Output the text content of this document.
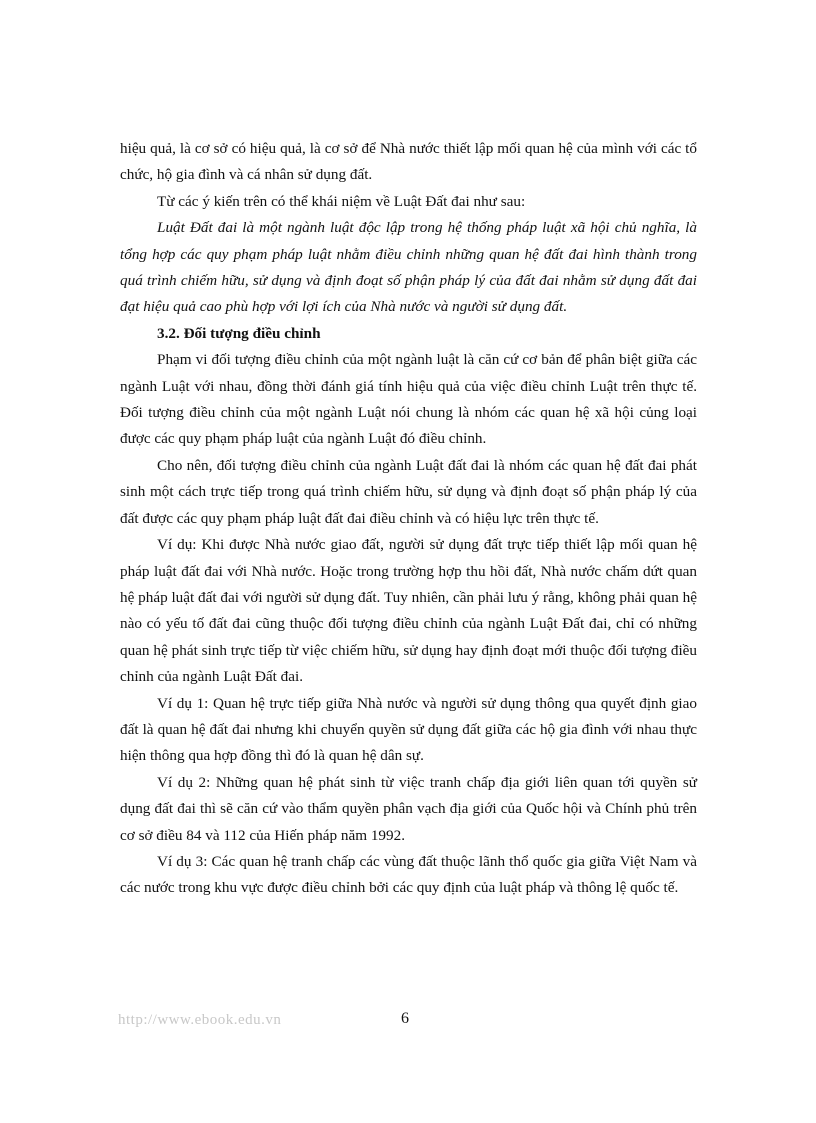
hiệu quả, là cơ sở có hiệu quả, là cơ sở để Nhà nước thiết lập mối quan hệ của mình với các tổ chức, hộ gia đình và cá nhân sử dụng đất.

Từ các ý kiến trên có thể khái niệm về Luật Đất đai như sau:

Luật Đất đai là một ngành luật độc lập trong hệ thống pháp luật xã hội chủ nghĩa, là tổng hợp các quy phạm pháp luật nhằm điều chỉnh những quan hệ đất đai hình thành trong quá trình chiếm hữu, sử dụng và định đoạt số phận pháp lý của đất đai nhằm sử dụng đất đai đạt hiệu quả cao phù hợp với lợi ích của Nhà nước và người sử dụng đất.

3.2. Đối tượng điều chỉnh

Phạm vi đối tượng điều chỉnh của một ngành luật là căn cứ cơ bản để phân biệt giữa các ngành Luật với nhau, đồng thời đánh giá tính hiệu quả của việc điều chỉnh Luật trên thực tế. Đối tượng điều chỉnh của một ngành Luật nói chung là nhóm các quan hệ xã hội củng loại được các quy phạm pháp luật của ngành Luật đó điều chỉnh.

Cho nên, đối tượng điều chỉnh của ngành Luật đất đai là nhóm các quan hệ đất đai phát sinh một cách trực tiếp trong quá trình chiếm hữu, sử dụng và định đoạt số phận pháp lý của đất được các quy phạm pháp luật đất đai điều chỉnh và có hiệu lực trên thực tế.

Ví dụ: Khi được Nhà nước giao đất, người sử dụng đất trực tiếp thiết lập mối quan hệ pháp luật đất đai với Nhà nước. Hoặc trong trường hợp thu hồi đất, Nhà nước chấm dứt quan hệ pháp luật đất đai với người sử dụng đất. Tuy nhiên, cần phải lưu ý rằng, không phải quan hệ nào có yếu tố đất đai cũng thuộc đối tượng điều chỉnh của ngành Luật Đất đai, chỉ có những quan hệ phát sinh trực tiếp từ việc chiếm hữu, sử dụng hay định đoạt mới thuộc đối tượng điều chỉnh của ngành Luật Đất đai.

Ví dụ 1: Quan hệ trực tiếp giữa Nhà nước và người sử dụng thông qua quyết định giao đất là quan hệ đất đai nhưng khi chuyển quyền sử dụng đất giữa các hộ gia đình với nhau thực hiện thông qua hợp đồng thì đó là quan hệ dân sự.

Ví dụ 2: Những quan hệ phát sinh từ việc tranh chấp địa giới liên quan tới quyền sử dụng đất đai thì sẽ căn cứ vào thẩm quyền phân vạch địa giới của Quốc hội và Chính phủ trên cơ sở điều 84 và 112 của Hiến pháp năm 1992.

Ví dụ 3: Các quan hệ tranh chấp các vùng đất thuộc lãnh thổ quốc gia giữa Việt Nam và các nước trong khu vực được điều chỉnh bởi các quy định của luật pháp và thông lệ quốc tế.

http://www.ebook.edu.vn	6
